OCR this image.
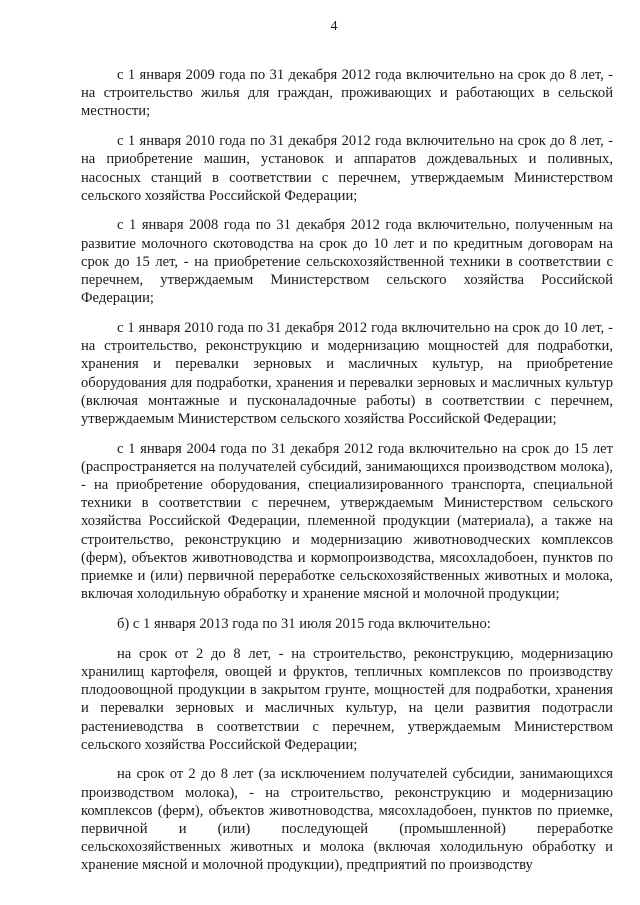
4

с 1 января 2009 года по 31 декабря 2012 года включительно на срок до 8 лет, - на строительство жилья для граждан, проживающих и работающих в сельской местности;

с 1 января 2010 года по 31 декабря 2012 года включительно на срок до 8 лет, - на приобретение машин, установок и аппаратов дождевальных и поливных, насосных станций в соответствии с перечнем, утверждаемым Министерством сельского хозяйства Российской Федерации;

с 1 января 2008 года по 31 декабря 2012 года включительно, полученным на развитие молочного скотоводства на срок до 10 лет и по кредитным договорам на срок до 15 лет, - на приобретение сельскохозяйственной техники в соответствии с перечнем, утверждаемым Министерством сельского хозяйства Российской Федерации;

с 1 января 2010 года по 31 декабря 2012 года включительно на срок до 10 лет, - на строительство, реконструкцию и модернизацию мощностей для подработки, хранения и перевалки зерновых и масличных культур, на приобретение оборудования для подработки, хранения и перевалки зерновых и масличных культур (включая монтажные и пусконаладочные работы) в соответствии с перечнем, утверждаемым Министерством сельского хозяйства Российской Федерации;

с 1 января 2004 года по 31 декабря 2012 года включительно на срок до 15 лет (распространяется на получателей субсидий, занимающихся производством молока), - на приобретение оборудования, специализированного транспорта, специальной техники в соответствии с перечнем, утверждаемым Министерством сельского хозяйства Российской Федерации, племенной продукции (материала), а также на строительство, реконструкцию и модернизацию животноводческих комплексов (ферм), объектов животноводства и кормопроизводства, мясохладобоен, пунктов по приемке и (или) первичной переработке сельскохозяйственных животных и молока, включая холодильную обработку и хранение мясной и молочной продукции;

б) с 1 января 2013 года по 31 июля 2015 года включительно:

на срок от 2 до 8 лет, - на строительство, реконструкцию, модернизацию хранилищ картофеля, овощей и фруктов, тепличных комплексов по производству плодоовощной продукции в закрытом грунте, мощностей для подработки, хранения и перевалки зерновых и масличных культур, на цели развития подотрасли растениеводства в соответствии с перечнем, утверждаемым Министерством сельского хозяйства Российской Федерации;

на срок от 2 до 8 лет (за исключением получателей субсидии, занимающихся производством молока), - на строительство, реконструкцию и модернизацию комплексов (ферм), объектов животноводства, мясохладобоен, пунктов по приемке, первичной и (или) последующей (промышленной) переработке сельскохозяйственных животных и молока (включая холодильную обработку и хранение мясной и молочной продукции), предприятий по производству
